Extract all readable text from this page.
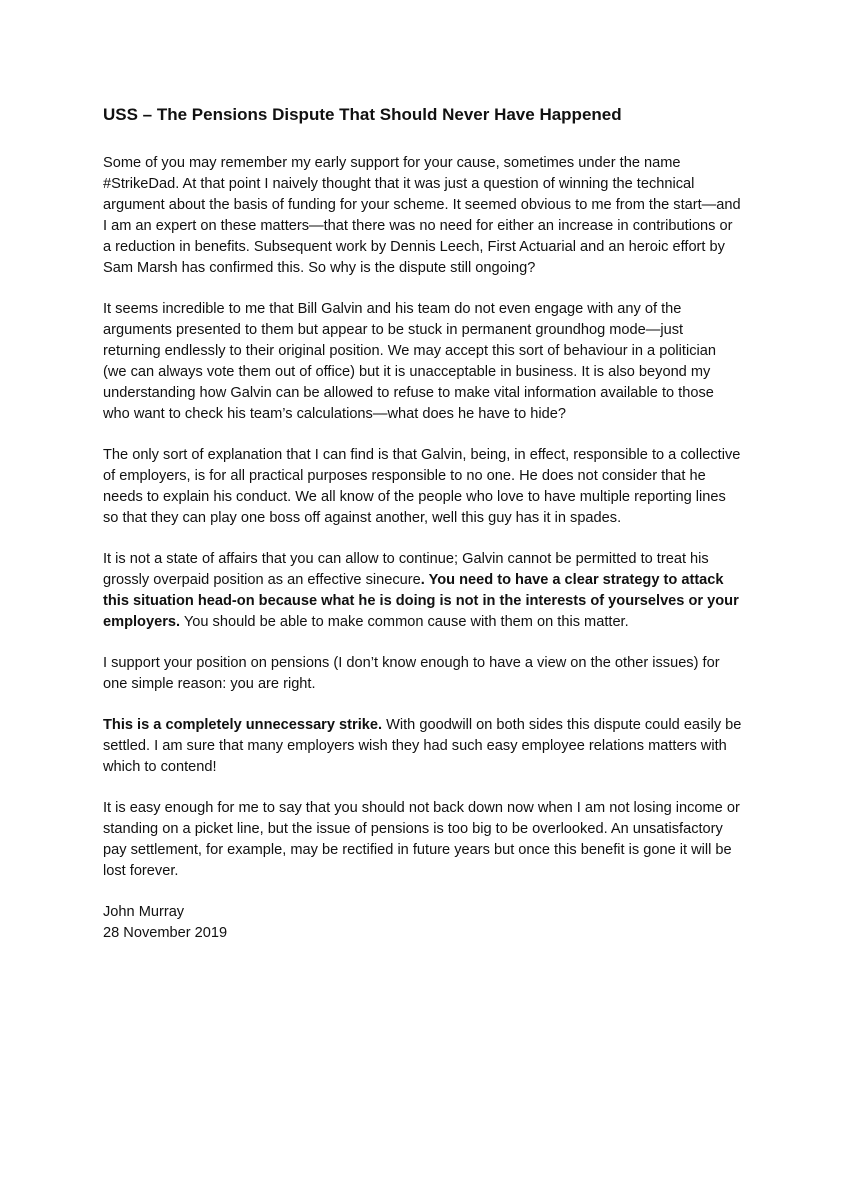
USS – The Pensions Dispute That Should Never Have Happened

Some of you may remember my early support for your cause, sometimes under the name #StrikeDad. At that point I naively thought that it was just a question of winning the technical argument about the basis of funding for your scheme. It seemed obvious to me from the start—and I am an expert on these matters—that there was no need for either an increase in contributions or a reduction in benefits. Subsequent work by Dennis Leech, First Actuarial and an heroic effort by Sam Marsh has confirmed this. So why is the dispute still ongoing?

It seems incredible to me that Bill Galvin and his team do not even engage with any of the arguments presented to them but appear to be stuck in permanent groundhog mode—just returning endlessly to their original position. We may accept this sort of behaviour in a politician (we can always vote them out of office) but it is unacceptable in business. It is also beyond my understanding how Galvin can be allowed to refuse to make vital information available to those who want to check his team’s calculations—what does he have to hide?

The only sort of explanation that I can find is that Galvin, being, in effect, responsible to a collective of employers, is for all practical purposes responsible to no one. He does not consider that he needs to explain his conduct. We all know of the people who love to have multiple reporting lines so that they can play one boss off against another, well this guy has it in spades.

It is not a state of affairs that you can allow to continue; Galvin cannot be permitted to treat his grossly overpaid position as an effective sinecure. You need to have a clear strategy to attack this situation head-on because what he is doing is not in the interests of yourselves or your employers. You should be able to make common cause with them on this matter.

I support your position on pensions (I don’t know enough to have a view on the other issues) for one simple reason: you are right.

This is a completely unnecessary strike. With goodwill on both sides this dispute could easily be settled. I am sure that many employers wish they had such easy employee relations matters with which to contend!

It is easy enough for me to say that you should not back down now when I am not losing income or standing on a picket line, but the issue of pensions is too big to be overlooked. An unsatisfactory pay settlement, for example, may be rectified in future years but once this benefit is gone it will be lost forever.

John Murray

28 November 2019
